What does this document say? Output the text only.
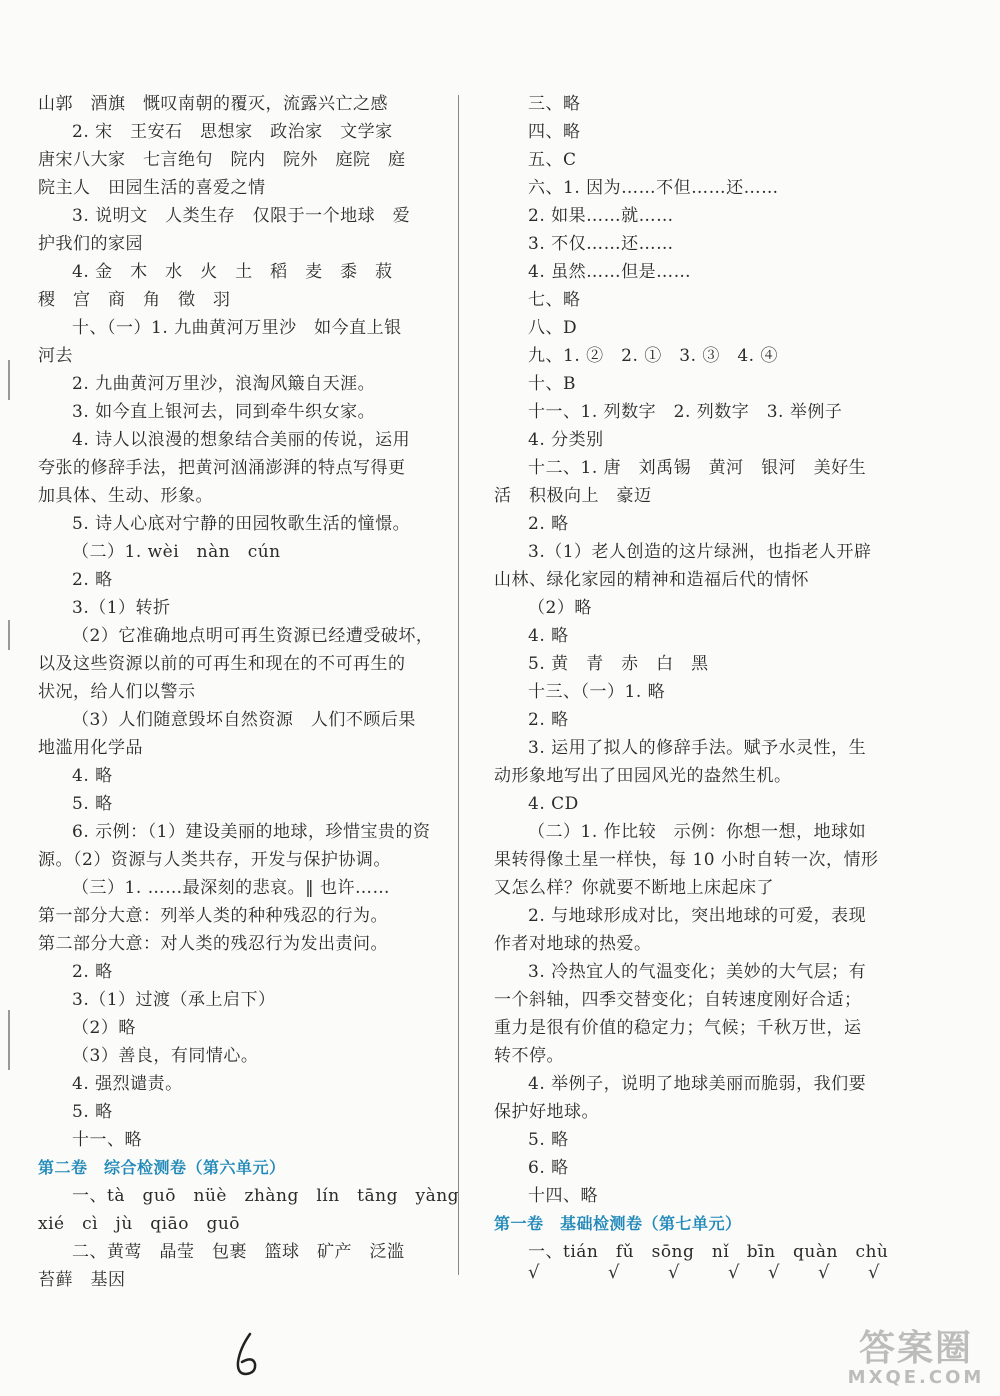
山郭　酒旗　慨叹南朝的覆灭，流露兴亡之感
2. 宋　王安石　思想家　政治家　文学家
唐宋八大家　七言绝句　院内　院外　庭院　庭
院主人　田园生活的喜爱之情
3. 说明文　人类生存　仅限于一个地球　爱
护我们的家园
4. 金　木　水　火　土　稻　麦　黍　菽
稷　宫　商　角　徵　羽
十、（一）1. 九曲黄河万里沙　如今直上银
河去
2. 九曲黄河万里沙，浪淘风簸自天涯。
3. 如今直上银河去，同到牵牛织女家。
4. 诗人以浪漫的想象结合美丽的传说，运用
夸张的修辞手法，把黄河汹涌澎湃的特点写得更
加具体、生动、形象。
5. 诗人心底对宁静的田园牧歌生活的憧憬。
（二）1. wèi　nàn　cún
2. 略
3.（1）转折
（2）它准确地点明可再生资源已经遭受破坏，
以及这些资源以前的可再生和现在的不可再生的
状况，给人们以警示
（3）人们随意毁坏自然资源　人们不顾后果
地滥用化学品
4. 略
5. 略
6. 示例：（1）建设美丽的地球，珍惜宝贵的资
源。（2）资源与人类共存，开发与保护协调。
（三）1. ……最深刻的悲哀。‖ 也许……
第一部分大意：列举人类的种种残忍的行为。
第二部分大意：对人类的残忍行为发出责问。
2. 略
3.（1）过渡（承上启下）
（2）略
（3）善良，有同情心。
4. 强烈谴责。
5. 略
十一、略
第二卷　综合检测卷（第六单元）
一、tà　guō　nüè　zhàng　lín　tāng　yàng
xié　cì　jù　qiāo　guō
二、黄莺　晶莹　包裹　篮球　矿产　泛滥
苔藓　基因
三、略
四、略
五、C
六、1. 因为……不但……还……
2. 如果……就……
3. 不仅……还……
4. 虽然……但是……
七、略
八、D
九、1. ②　2. ①　3. ③　4. ④
十、B
十一、1. 列数字　2. 列数字　3. 举例子
4. 分类别
十二、1. 唐　刘禹锡　黄河　银河　美好生
活　积极向上　豪迈
2. 略
3.（1）老人创造的这片绿洲，也指老人开辟
山林、绿化家园的精神和造福后代的情怀
（2）略
4. 略
5. 黄　青　赤　白　黑
十三、（一）1. 略
2. 略
3. 运用了拟人的修辞手法。赋予水灵性，生
动形象地写出了田园风光的盎然生机。
4. CD
（二）1. 作比较　示例：你想一想，地球如
果转得像土星一样快，每 10 小时自转一次，情形
又怎么样？你就要不断地上床起床了
2. 与地球形成对比，突出地球的可爱，表现
作者对地球的热爱。
3. 冷热宜人的气温变化；美妙的大气层；有
一个斜轴，四季交替变化；自转速度刚好合适；
重力是很有价值的稳定力；气候；千秋万世，运
转不停。
4. 举例子，说明了地球美丽而脆弱，我们要
保护好地球。
5. 略
6. 略
十四、略
第一卷　基础检测卷（第七单元）
一、tián　fǔ　sōng　nǐ　bīn　quàn　chù
√	√	√	√ √ √ √
答案圈
MXQE.COM
